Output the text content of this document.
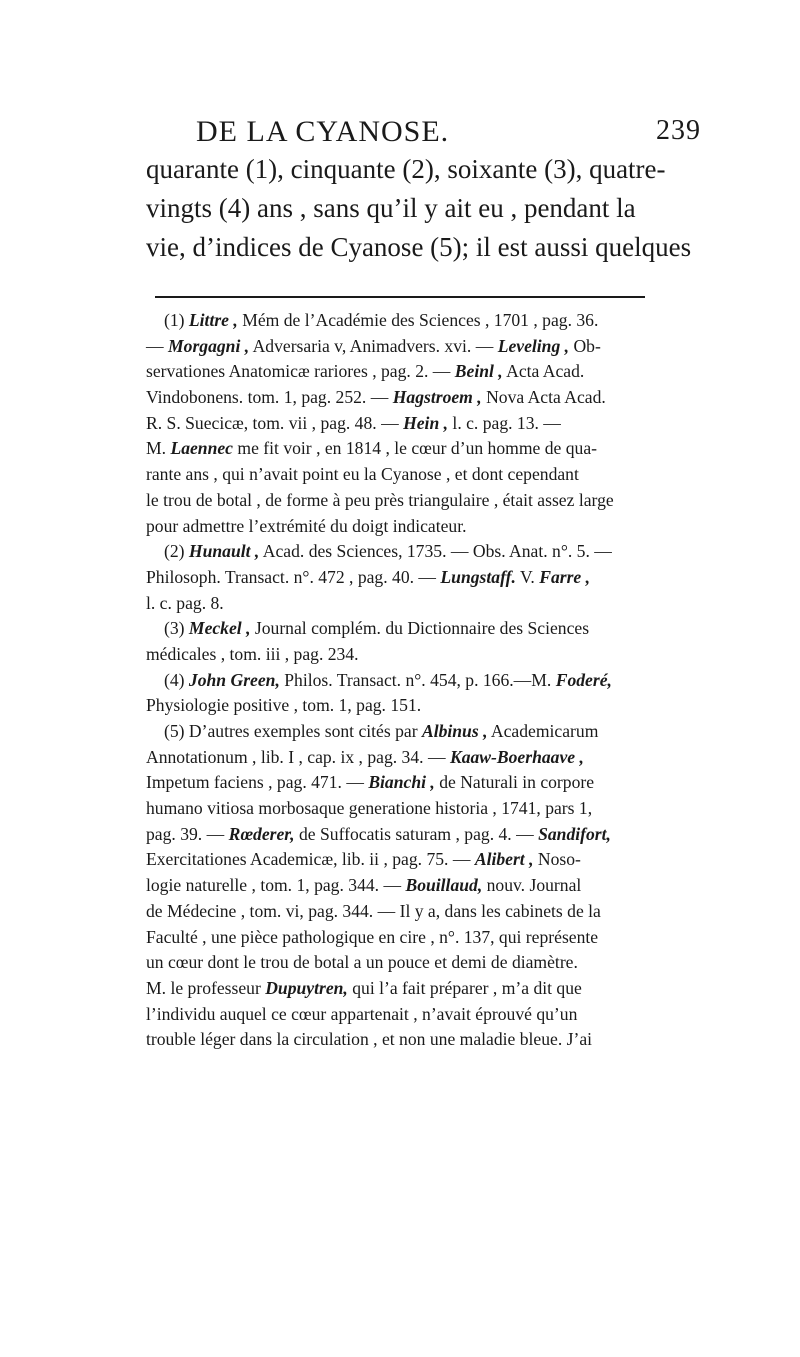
DE LA CYANOSE.	239
quarante (1), cinquante (2), soixante (3), quatre-
vingts (4) ans , sans qu’il y ait eu , pendant la
vie, d’indices de Cyanose (5); il est aussi quelques
(1) Littre , Mém de l’Académie des Sciences , 1701 , pag. 36.
— Morgagni , Adversaria v, Animadvers. xvi. — Leveling , Ob-
servationes Anatomicæ rariores , pag. 2. — Beinl , Acta Acad.
Vindobonens. tom. 1, pag. 252. — Hagstroem , Nova Acta Acad.
R. S. Suecicæ, tom. vii , pag. 48. — Hein , l. c. pag. 13. —
M. Laennec me fit voir , en 1814 , le cœur d’un homme de qua-
rante ans , qui n’avait point eu la Cyanose , et dont cependant
le trou de botal , de forme à peu près triangulaire , était assez large
pour admettre l’extrémité du doigt indicateur.
(2) Hunault , Acad. des Sciences, 1735. — Obs. Anat. n°. 5. —
Philosoph. Transact. n°. 472 , pag. 40. — Lungstaff. V. Farre ,
l. c. pag. 8.
(3) Meckel , Journal complém. du Dictionnaire des Sciences
médicales , tom. iii , pag. 234.
(4) John Green, Philos. Transact. n°. 454, p. 166.—M. Foderé,
Physiologie positive , tom. 1, pag. 151.
(5) D’autres exemples sont cités par Albinus , Academicarum
Annotationum , lib. I , cap. ix , pag. 34. — Kaaw-Boerhaave ,
Impetum faciens , pag. 471. — Bianchi , de Naturali in corpore
humano vitiosa morbosaque generatione historia , 1741, pars 1,
pag. 39. — Rœderer, de Suffocatis saturam , pag. 4. — Sandifort,
Exercitationes Academicæ, lib. ii , pag. 75. — Alibert , Noso-
logie naturelle , tom. 1, pag. 344. — Bouillaud, nouv. Journal
de Médecine , tom. vi, pag. 344. — Il y a, dans les cabinets de la
Faculté , une pièce pathologique en cire , n°. 137, qui représente
un cœur dont le trou de botal a un pouce et demi de diamètre.
M. le professeur Dupuytren, qui l’a fait préparer , m’a dit que
l’individu auquel ce cœur appartenait , n’avait éprouvé qu’un
trouble léger dans la circulation , et non une maladie bleue. J’ai
